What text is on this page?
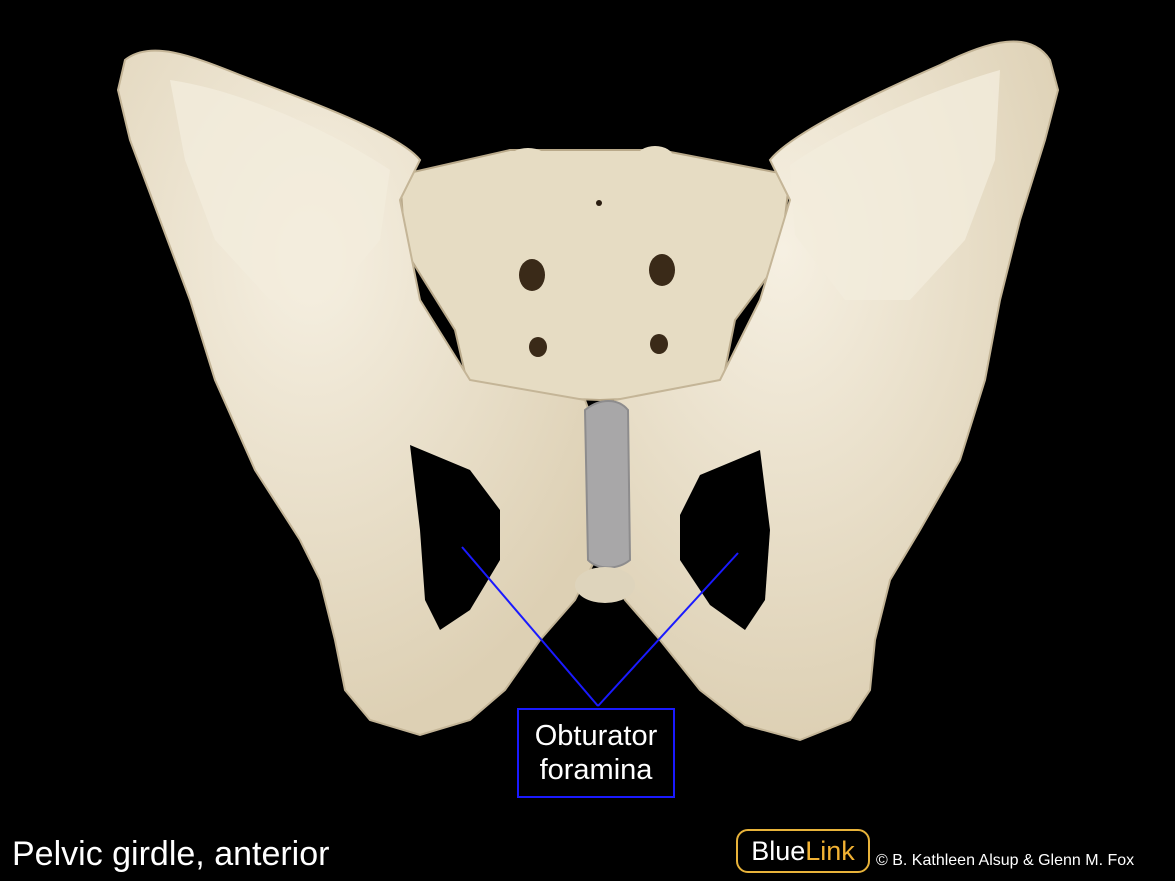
Obturator
foramina
Pelvic girdle, anterior	Blue Link © B. Kathleen Alsup & Glenn M. Fox
